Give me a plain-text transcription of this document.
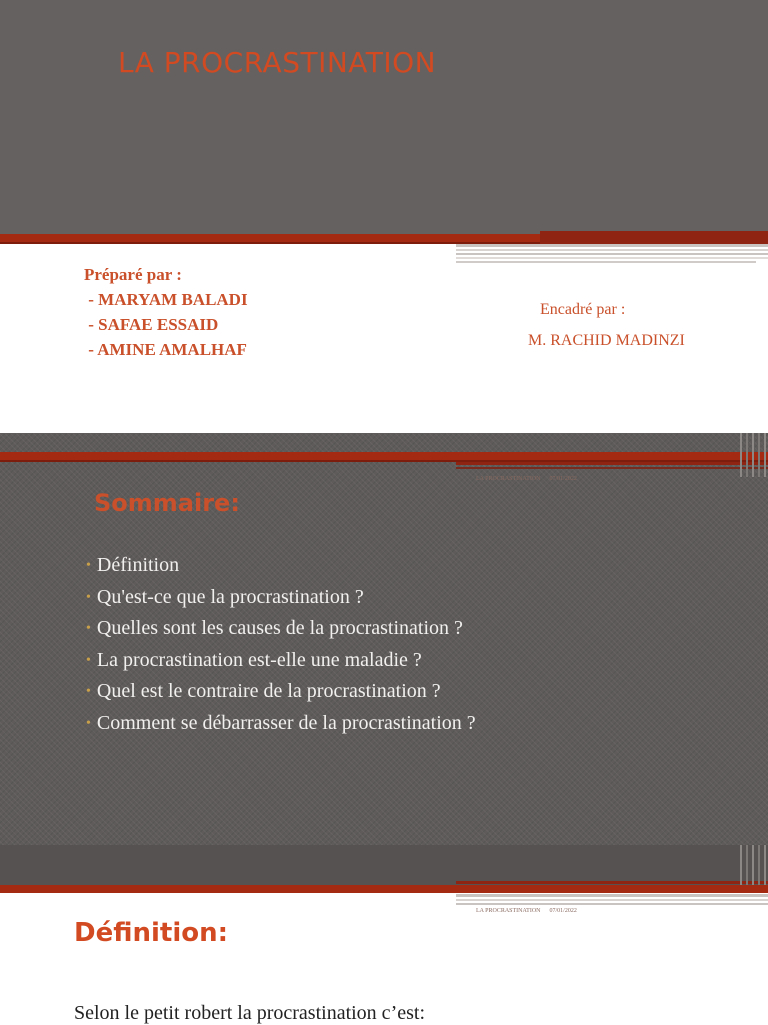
LA PROCRASTINATION
Préparé par :
- MARYAM BALADI
- SAFAE ESSAID
- AMINE AMALHAF
Encadré par :
M. RACHID MADINZI
LA PROCRASTINATION 07/01/2022
Sommaire:
• Définition
• Qu'est-ce que la procrastination ?
• Quelles sont les causes de la procrastination ?
• La procrastination est-elle une maladie ?
• Quel est le contraire de la procrastination ?
• Comment se débarrasser de la procrastination ?
LA PROCRASTINATION 07/01/2022
Définition:
Selon le petit robert la procrastination c’est:
